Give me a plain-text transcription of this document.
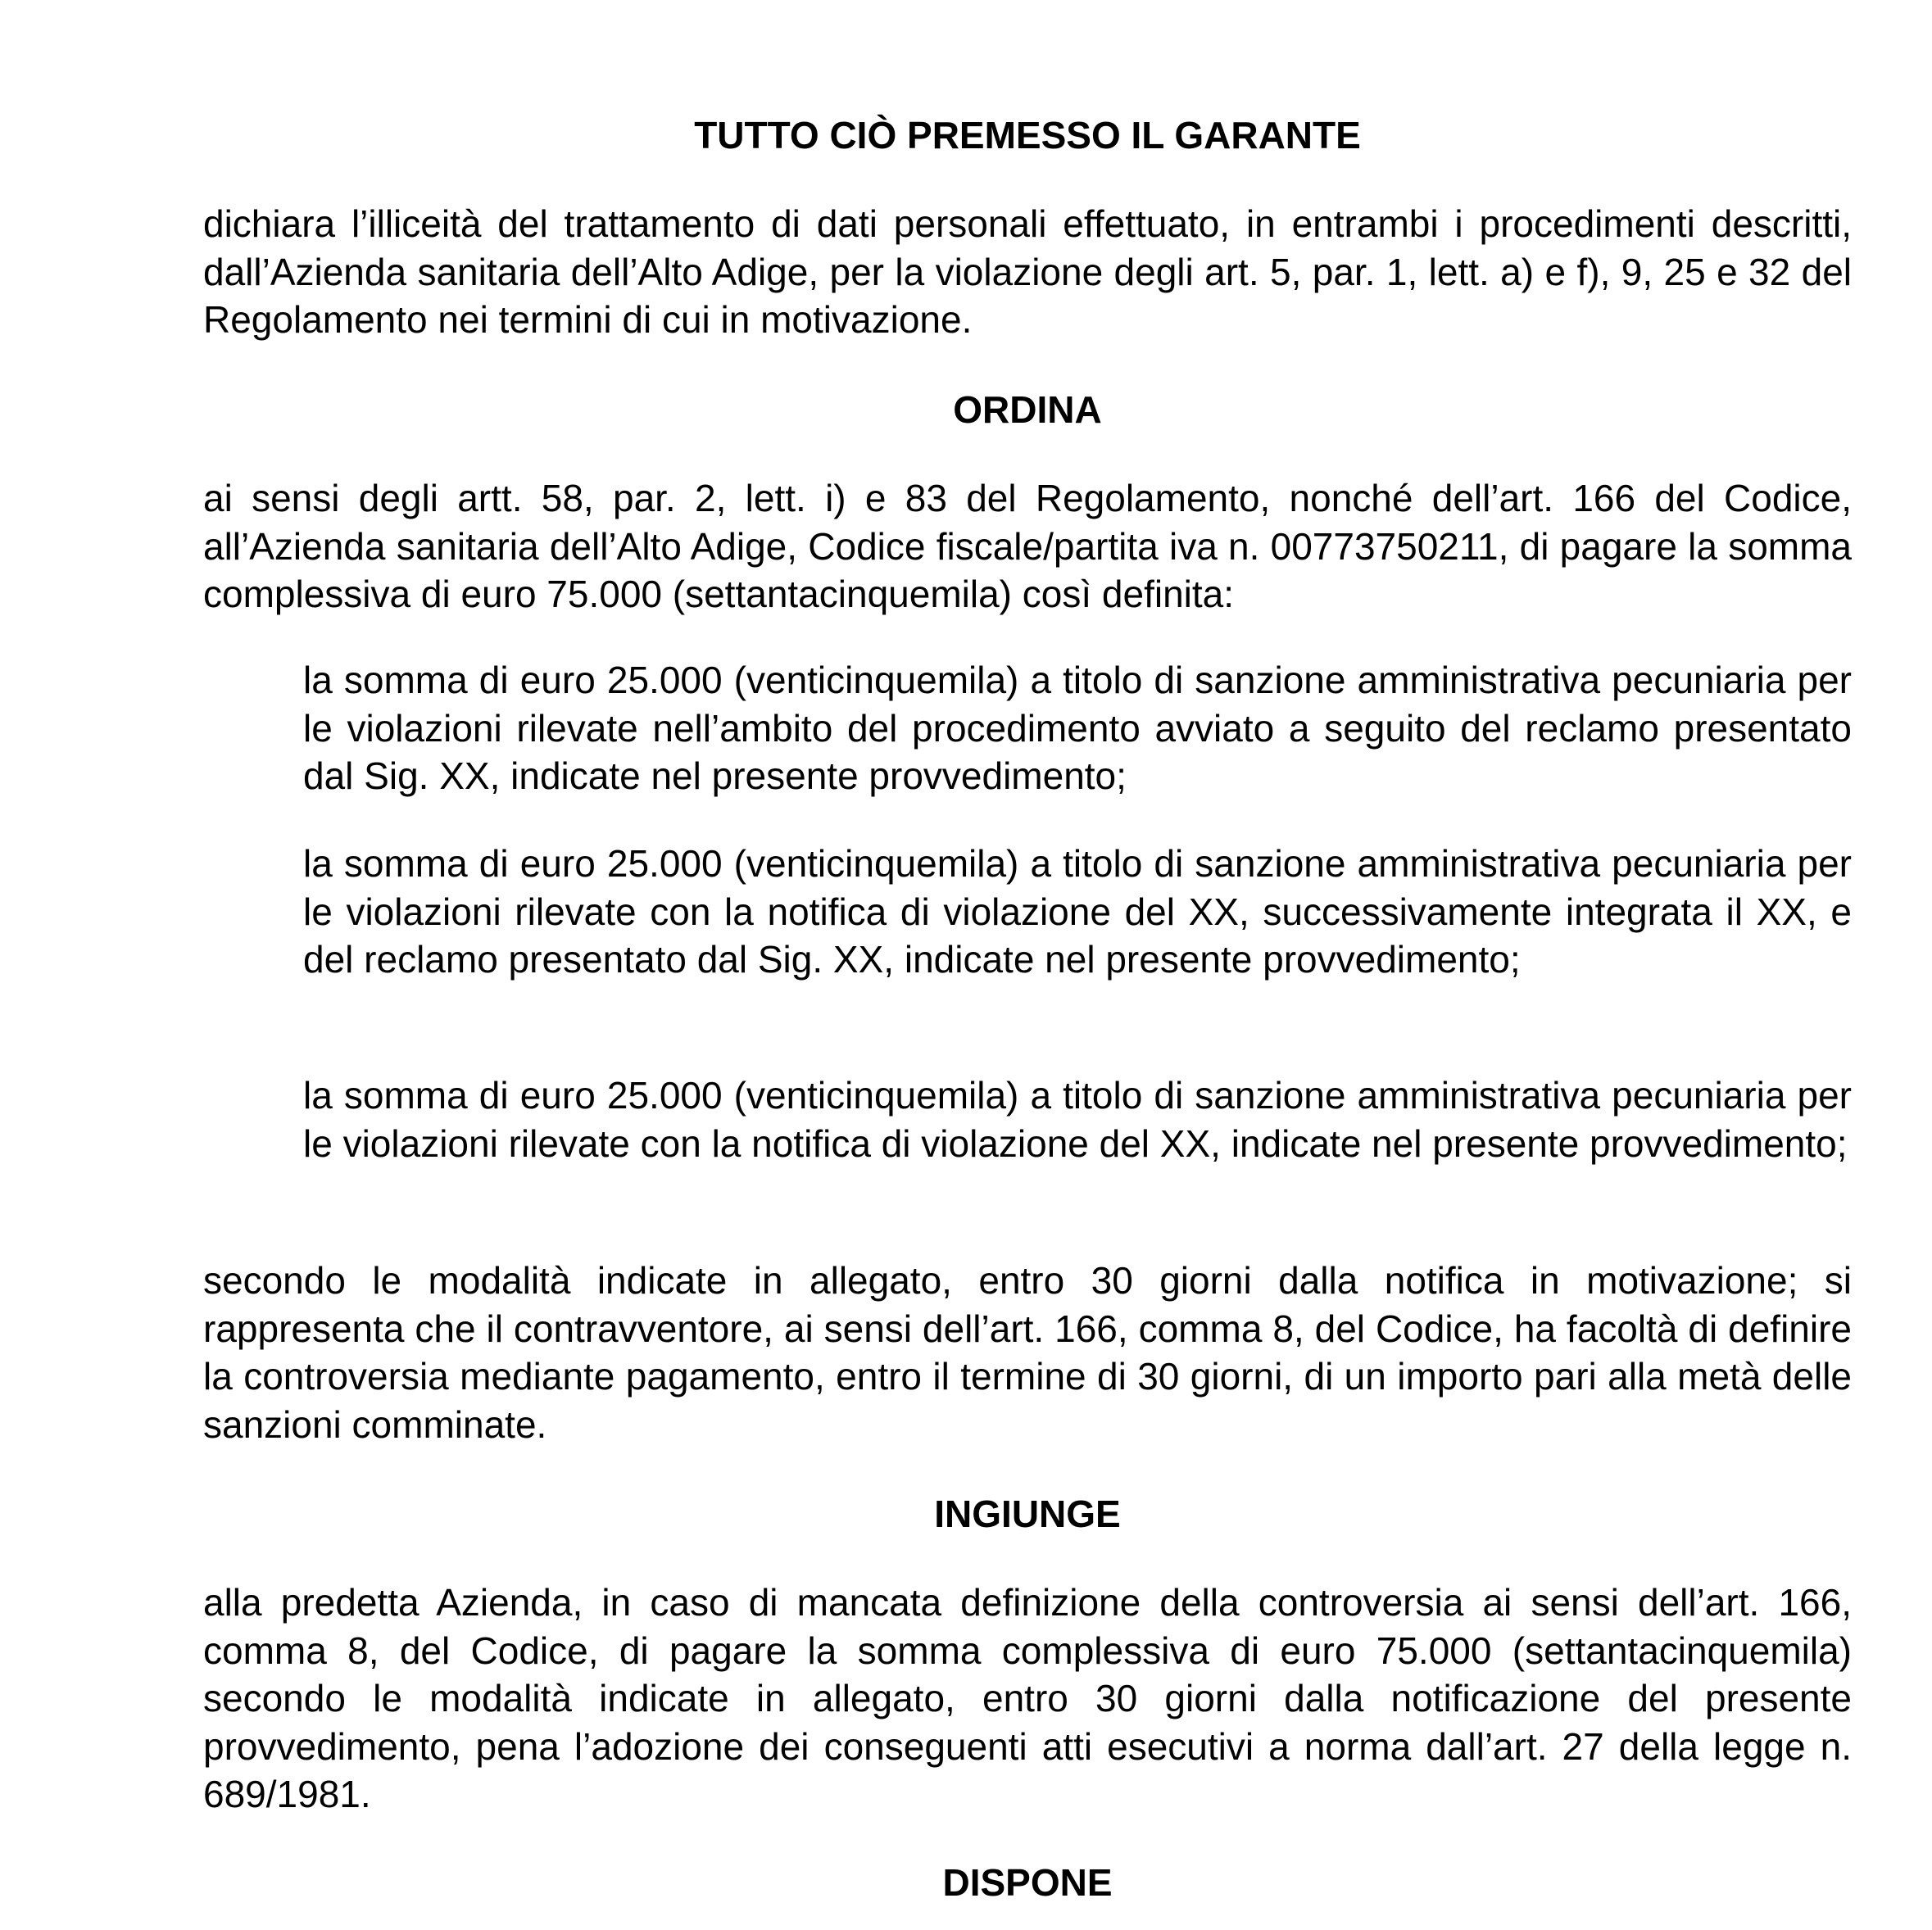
TUTTO CIÒ PREMESSO IL GARANTE

dichiara l’illiceità del trattamento di dati personali effettuato, in entrambi i procedimenti descritti, dall’Azienda sanitaria dell’Alto Adige, per la violazione degli art. 5, par. 1, lett. a) e f), 9, 25 e 32 del Regolamento nei termini di cui in motivazione.

ORDINA

ai sensi degli artt. 58, par. 2, lett. i) e 83 del Regolamento, nonché dell’art. 166 del Codice, all’Azienda sanitaria dell’Alto Adige, Codice fiscale/partita iva n. 00773750211, di pagare la somma complessiva di euro 75.000 (settantacinquemila) così definita:

la somma di euro 25.000 (venticinquemila) a titolo di sanzione amministrativa pecuniaria per le violazioni rilevate nell’ambito del procedimento avviato a seguito del reclamo presentato dal Sig. XX, indicate nel presente provvedimento;

la somma di euro 25.000 (venticinquemila) a titolo di sanzione amministrativa pecuniaria per le violazioni rilevate con la notifica di violazione del XX, successivamente integrata il XX, e del reclamo presentato dal Sig. XX, indicate nel presente provvedimento;

la somma di euro 25.000 (venticinquemila) a titolo di sanzione amministrativa pecuniaria per le violazioni rilevate con la notifica di violazione del XX, indicate nel presente provvedimento;

secondo le modalità indicate in allegato, entro 30 giorni dalla notifica in motivazione; si rappresenta che il contravventore, ai sensi dell’art. 166, comma 8, del Codice, ha facoltà di definire la controversia mediante pagamento, entro il termine di 30 giorni, di un importo pari alla metà delle sanzioni comminate.

INGIUNGE

alla predetta Azienda, in caso di mancata definizione della controversia ai sensi dell’art. 166, comma 8, del Codice, di pagare la somma complessiva di euro 75.000 (settantacinquemila) secondo le modalità indicate in allegato, entro 30 giorni dalla notificazione del presente provvedimento, pena l’adozione dei conseguenti atti esecutivi a norma dall’art. 27 della legge n. 689/1981.

DISPONE
